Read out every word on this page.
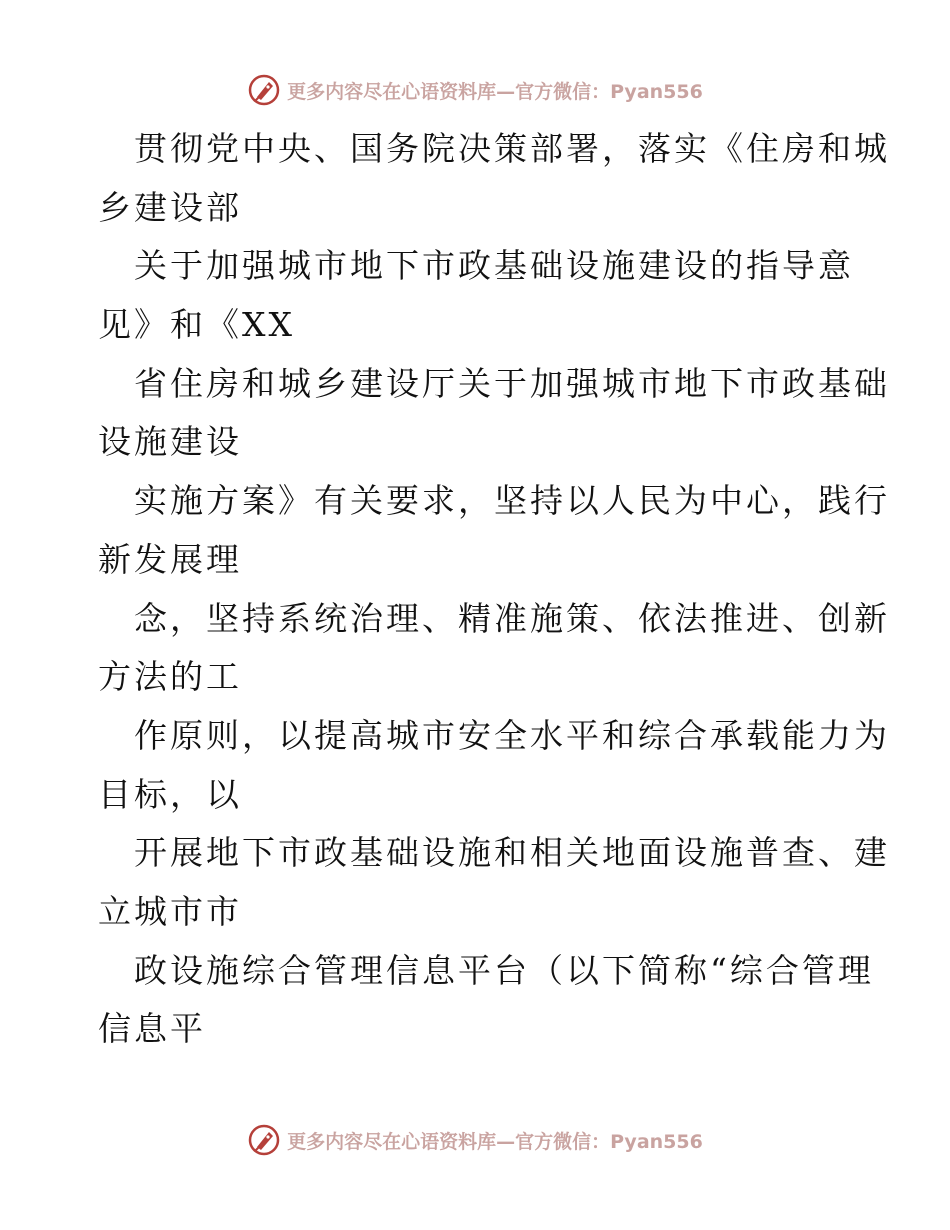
更多内容尽在心语资料库—官方微信：Pyan556
贯彻党中央、国务院决策部署，落实《住房和城
乡建设部
关于加强城市地下市政基础设施建设的指导意
见》和《XX
省住房和城乡建设厅关于加强城市地下市政基础
设施建设
实施方案》有关要求，坚持以人民为中心，践行
新发展理
念，坚持系统治理、精准施策、依法推进、创新
方法的工
作原则，以提高城市安全水平和综合承载能力为
目标，以
开展地下市政基础设施和相关地面设施普查、建
立城市市
政设施综合管理信息平台（以下简称“综合管理
信息平
更多内容尽在心语资料库—官方微信：Pyan556
